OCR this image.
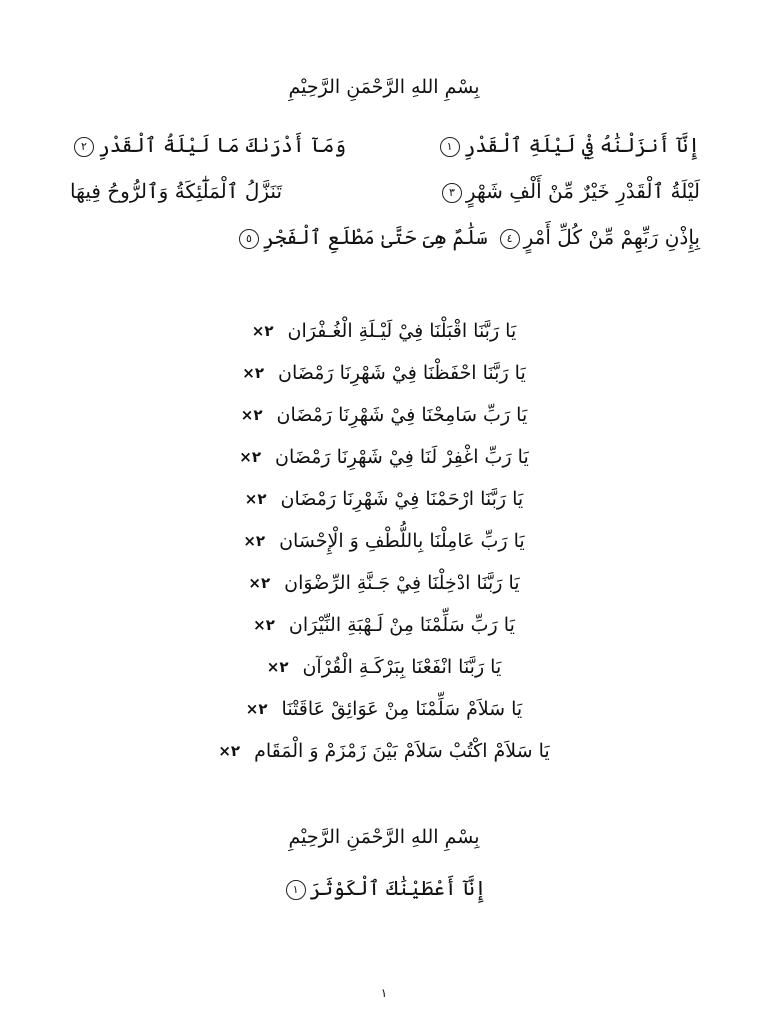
بِسْمِ اللهِ الرَّحْمَنِ الرَّحِيْمِ
إِنَّآ أَنزَلْنَٰهُ فِيْ لَيْلَةِ ٱلْقَدْرِ١
وَمَآ أَدْرَىٰكَ مَا لَيْلَةُ ٱلْقَدْرِ٢
لَيْلَةُ ٱلْقَدْرِ خَيْرٌ مِّنْ أَلْفِ شَهْرٍ٣
تَنَزَّلُ ٱلْمَلَٰٓئِكَةُ وَٱلرُّوحُ فِيهَا
بِإِذْنِ رَبِّهِمْ مِّنْ كُلِّ أَمْرٍ٤
سَلَٰمٌ هِىَ حَتَّىٰ مَطْلَعِ ٱلْفَجْرِ٥
يَا رَبَّنَا اقْبَلْنَا فِيْ لَيْـلَةِ الْغُـفْرَان
×٢
يَا رَبَّنَا احْفَظْنَا فِيْ شَهْرِنَا رَمْضَان
×٢
يَا رَبِّ سَامِحْنَا فِيْ شَهْرِنَا رَمْضَان
×٢
يَا رَبِّ اغْفِرْ لَنَا فِيْ شَهْرِنَا رَمْضَان
×٢
يَا رَبَّنَا ارْحَمْنَا فِيْ شَهْرِنَا رَمْضَان
×٢
يَا رَبِّ عَامِلْنَا بِاللُّطْفِ وَ الْإِحْسَان
×٢
يَا رَبَّنَا ادْخِلْنَا فِيْ جَـنَّةِ الرِّضْوَان
×٢
يَا رَبِّ سَلِّمْنَا مِنْ لَـهْبَةِ النِّيْرَان
×٢
يَا رَبَّنَا انْفَعْنَا بِبَرْكَـةِ الْقُرْآن
×٢
يَا سَلاَمْ سَلِّمْنَا مِنْ عَوَائِقْ عَاقَتْنَا
×٢
يَا سَلاَمْ اكْتُبْ سَلاَمْ بَيْنَ زَمْزَمْ وَ الْمَقَام
×٢
بِسْمِ اللهِ الرَّحْمَنِ الرَّحِيْمِ
إِنَّآ أَعْطَيْنَٰكَ ٱلْكَوْثَرَ١
١
